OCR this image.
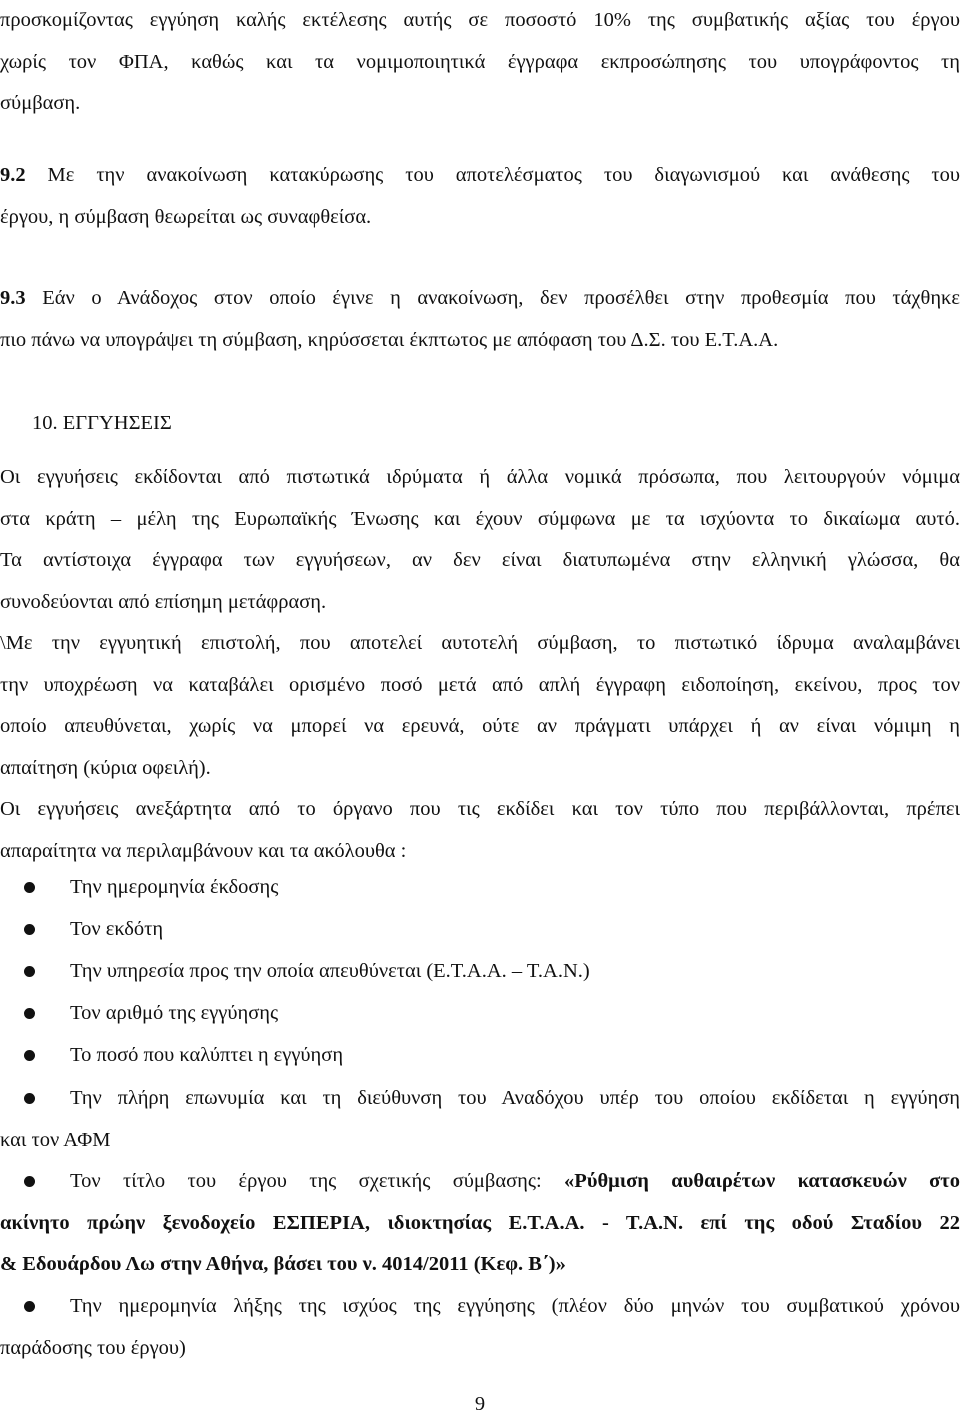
προσκομίζοντας εγγύηση καλής εκτέλεσης αυτής σε ποσοστό 10% της συμβατικής αξίας του έργου
χωρίς τον ΦΠΑ, καθώς και τα νομιμοποιητικά έγγραφα εκπροσώπησης του υπογράφοντος τη
σύμβαση.
9.2 Με την ανακοίνωση κατακύρωσης του αποτελέσματος του διαγωνισμού και ανάθεσης του
έργου, η σύμβαση θεωρείται ως συναφθείσα.
9.3 Εάν ο Ανάδοχος στον οποίο έγινε η ανακοίνωση, δεν προσέλθει στην προθεσμία που τάχθηκε
πιο πάνω να υπογράψει τη σύμβαση, κηρύσσεται έκπτωτος με απόφαση του Δ.Σ. του Ε.Τ.Α.Α.
10. ΕΓΓΥΗΣΕΙΣ
Οι εγγυήσεις εκδίδονται από πιστωτικά ιδρύματα ή άλλα νομικά πρόσωπα, που λειτουργούν νόμιμα
στα κράτη – μέλη της Ευρωπαϊκής Ένωσης και έχουν σύμφωνα με τα ισχύοντα το δικαίωμα αυτό.
Τα αντίστοιχα έγγραφα των εγγυήσεων, αν δεν είναι διατυπωμένα στην ελληνική γλώσσα, θα
συνοδεύονται από επίσημη μετάφραση.
\Με την εγγυητική επιστολή, που αποτελεί αυτοτελή σύμβαση, το πιστωτικό ίδρυμα αναλαμβάνει
την υποχρέωση να καταβάλει ορισμένο ποσό μετά από απλή έγγραφη ειδοποίηση, εκείνου, προς τον
οποίο απευθύνεται, χωρίς να μπορεί να ερευνά, ούτε αν πράγματι υπάρχει ή αν είναι νόμιμη η
απαίτηση (κύρια οφειλή).
Οι εγγυήσεις ανεξάρτητα από το όργανο που τις εκδίδει και τον τύπο που περιβάλλονται, πρέπει
απαραίτητα να περιλαμβάνουν και τα ακόλουθα :
Την ημερομηνία έκδοσης
Τον εκδότη
Την υπηρεσία προς την οποία απευθύνεται (Ε.Τ.Α.Α. – Τ.Α.Ν.)
Τον αριθμό της εγγύησης
Το ποσό που καλύπτει η εγγύηση
Την πλήρη επωνυμία και τη διεύθυνση του Αναδόχου υπέρ του οποίου εκδίδεται η εγγύηση
και τον ΑΦΜ
Τον τίτλο του έργου της σχετικής σύμβασης: «Ρύθμιση αυθαιρέτων κατασκευών στο
ακίνητο πρώην ξενοδοχείο ΕΣΠΕΡΙΑ, ιδιοκτησίας Ε.Τ.Α.Α. - Τ.Α.Ν. επί της οδού Σταδίου 22
& Εδουάρδου Λω στην Αθήνα, βάσει του ν. 4014/2011 (Κεφ. Β΄)»
Την ημερομηνία λήξης της ισχύος της εγγύησης (πλέον δύο μηνών του συμβατικού χρόνου
παράδοσης του έργου)
9
